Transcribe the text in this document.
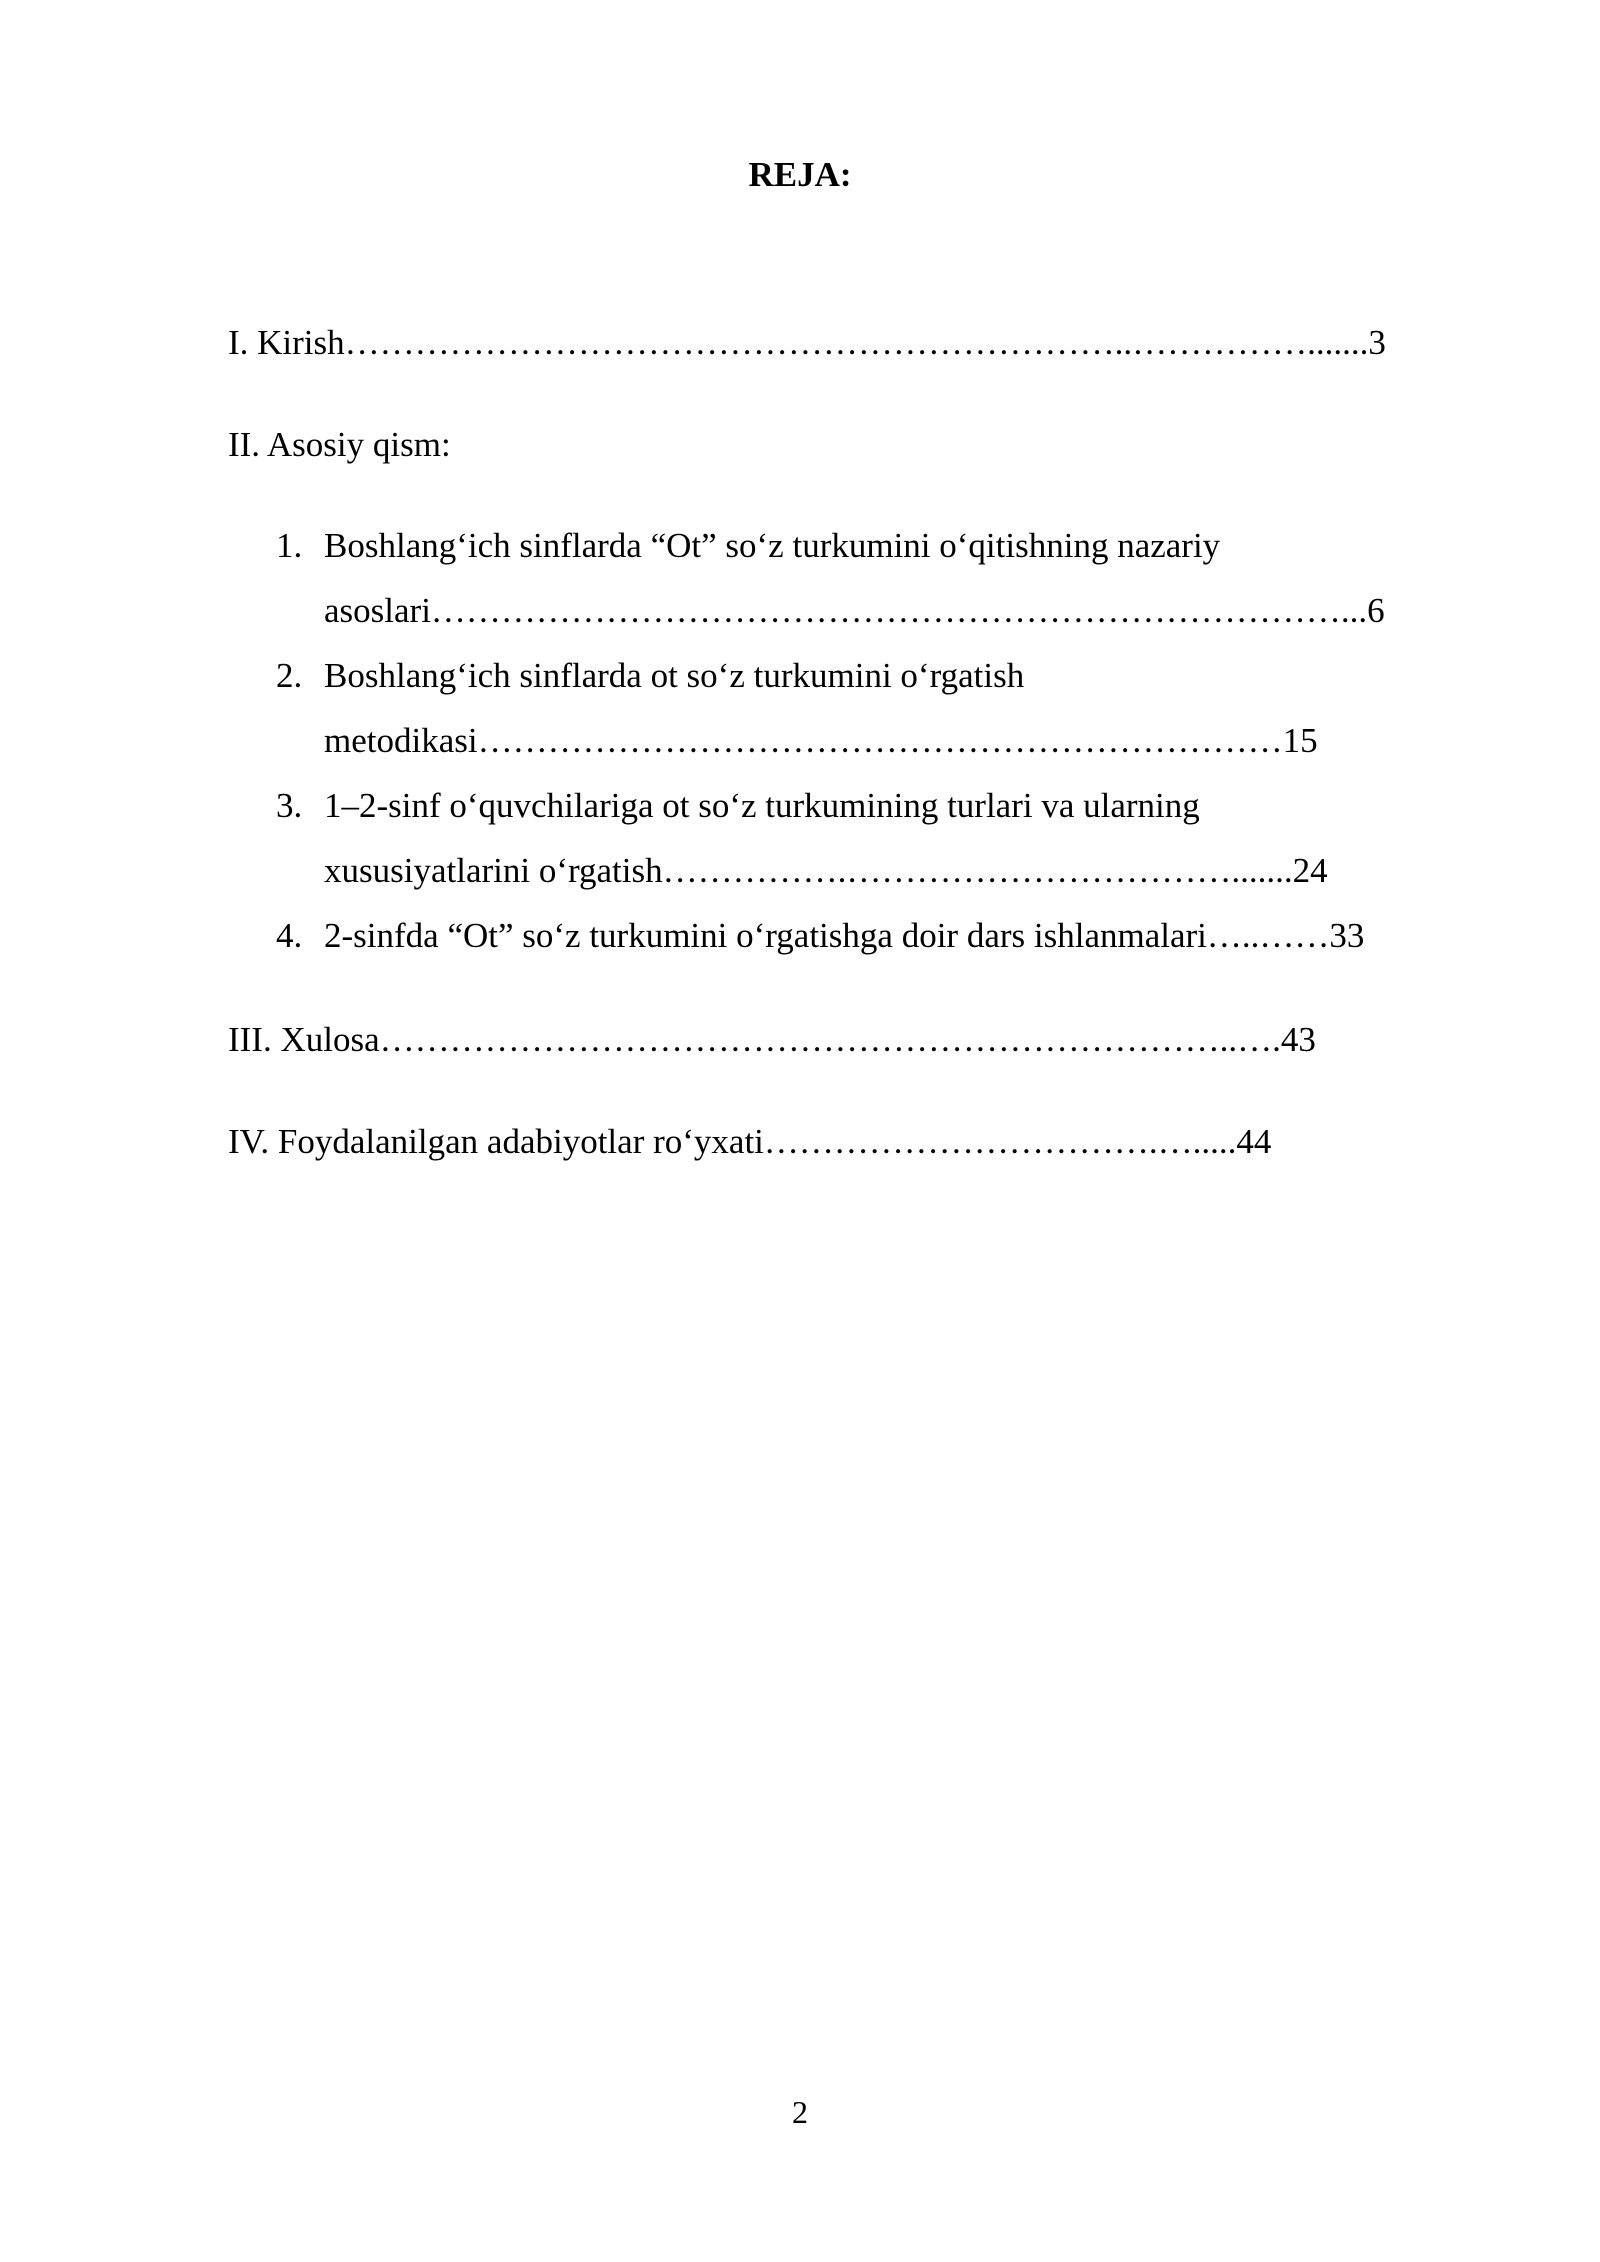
REJA:
I. Kirish…………………………………………………………..…………….......3
II. Asosiy qism:
1. Boshlang‘ich sinflarda “Ot” so‘z turkumini o‘qitishning nazariy
asoslari……………………………………………………………………...6
2. Boshlang‘ich sinflarda ot so‘z turkumini o‘rgatish
metodikasi……………………………………………………………15
3. 1–2-sinf o‘quvchilariga ot so‘z turkumining turlari va ularning
xususiyatlarini o‘rgatish…………….…………………………….......24
4. 2-sinfda “Ot” so‘z turkumini o‘rgatishga doir dars ishlanmalari…..……33
III. Xulosa………………………………………………………………..….43
IV. Foydalanilgan adabiyotlar ro‘yxati…………………………….….....44
2
